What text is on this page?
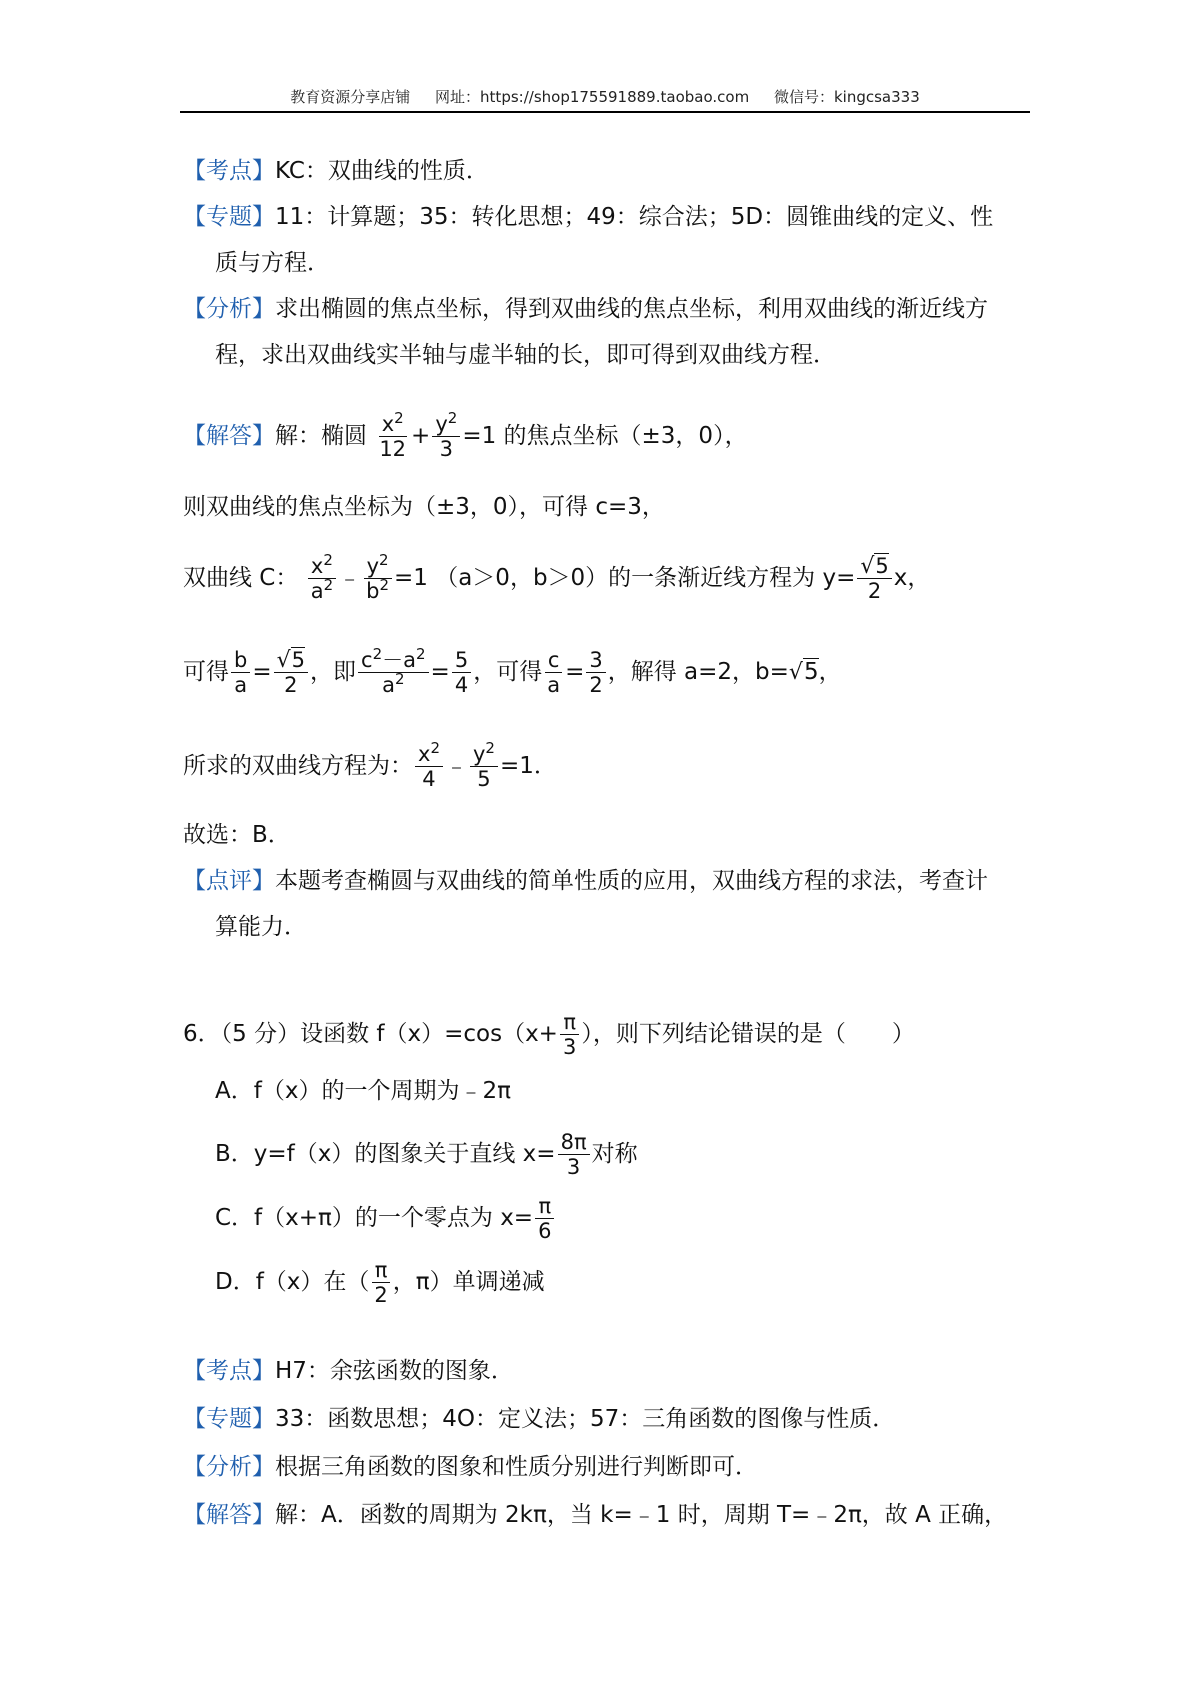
教育资源分享店铺 网址：https://shop175591889.taobao.com 微信号：kingcsa333
【考点】KC：双曲线的性质．
【专题】11：计算题；35：转化思想；49：综合法；5D：圆锥曲线的定义、性
质与方程．
【分析】求出椭圆的焦点坐标，得到双曲线的焦点坐标，利用双曲线的渐近线方
程，求出双曲线实半轴与虚半轴的长，即可得到双曲线方程．
【解答】解：椭圆 $\frac{x^2}{12} + \frac{y^2}{3} =1$ 的焦点坐标（±3，0），
则双曲线的焦点坐标为（±3，0），可得 c=3，
双曲线 C： $\frac{x^2}{a^2}$ ﹣ $\frac{y^2}{b^2} =1$ （a＞0，b＞0）的一条渐近线方程为 $y= \frac{√5}{2}$ x，
可得 $\frac{b}{a} = \frac{√5}{2}$ ，即 $\frac{c^2-a^2}{a^2} = \frac{5}{4}$ ，可得 $\frac{c}{a} = \frac{3}{2}$ ，解得 a=2，b=√5，
所求的双曲线方程为： $\frac{x^2}{4}$ ﹣ $\frac{y^2}{5} =1$．
故选：B．
【点评】本题考查椭圆与双曲线的简单性质的应用，双曲线方程的求法，考查计
算能力．
6．（5 分）设函数 $f(x)=\cos(x+ \frac{\pi}{3}$ ），则下列结论错误的是（　　）
A．f（x）的一个周期为﹣2π
B．y=f（x）的图象关于直线 $x= \frac{8\pi}{3}$ 对称
C．f（x+π）的一个零点为 $x= \frac{\pi}{6}$
D．f（x）在（ $\frac{\pi}{2}$ ，π）单调递减
【考点】H7：余弦函数的图象．
【专题】33：函数思想；4O：定义法；57：三角函数的图像与性质．
【分析】根据三角函数的图象和性质分别进行判断即可．
【解答】解：A．函数的周期为 2kπ，当 k=﹣1 时，周期 T=﹣2π，故 A 正确，
